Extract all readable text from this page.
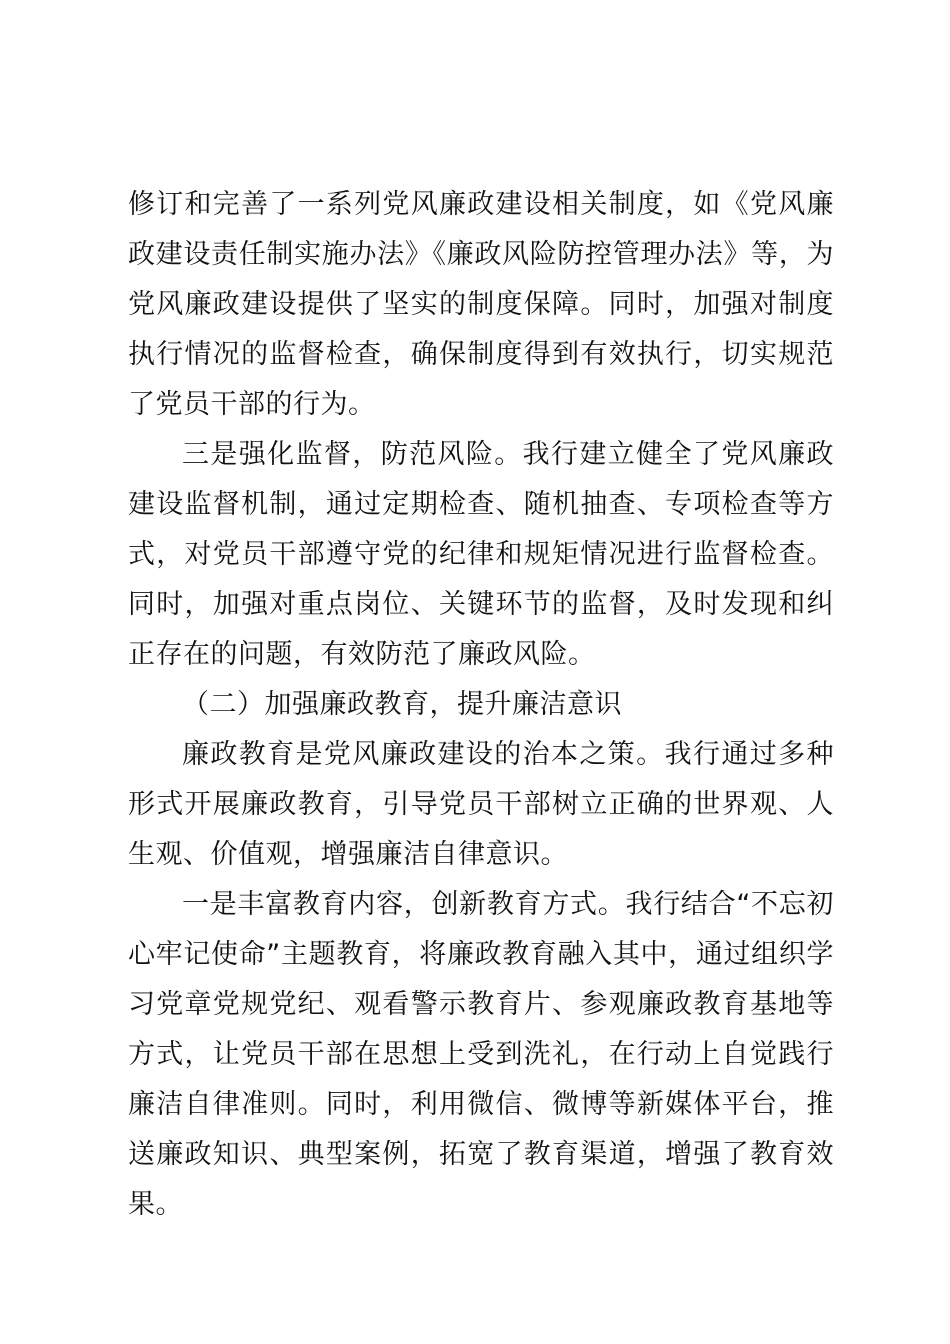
修订和完善了一系列党风廉政建设相关制度，如《党风廉政建设责任制实施办法》《廉政风险防控管理办法》等，为党风廉政建设提供了坚实的制度保障。同时，加强对制度执行情况的监督检查，确保制度得到有效执行，切实规范了党员干部的行为。

三是强化监督，防范风险。我行建立健全了党风廉政建设监督机制，通过定期检查、随机抽查、专项检查等方式，对党员干部遵守党的纪律和规矩情况进行监督检查。同时，加强对重点岗位、关键环节的监督，及时发现和纠正存在的问题，有效防范了廉政风险。

（二）加强廉政教育，提升廉洁意识

廉政教育是党风廉政建设的治本之策。我行通过多种形式开展廉政教育，引导党员干部树立正确的世界观、人生观、价值观，增强廉洁自律意识。

一是丰富教育内容，创新教育方式。我行结合“不忘初心牢记使命”主题教育，将廉政教育融入其中，通过组织学习党章党规党纪、观看警示教育片、参观廉政教育基地等方式，让党员干部在思想上受到洗礼，在行动上自觉践行廉洁自律准则。同时，利用微信、微博等新媒体平台，推送廉政知识、典型案例，拓宽了教育渠道，增强了教育效果。
